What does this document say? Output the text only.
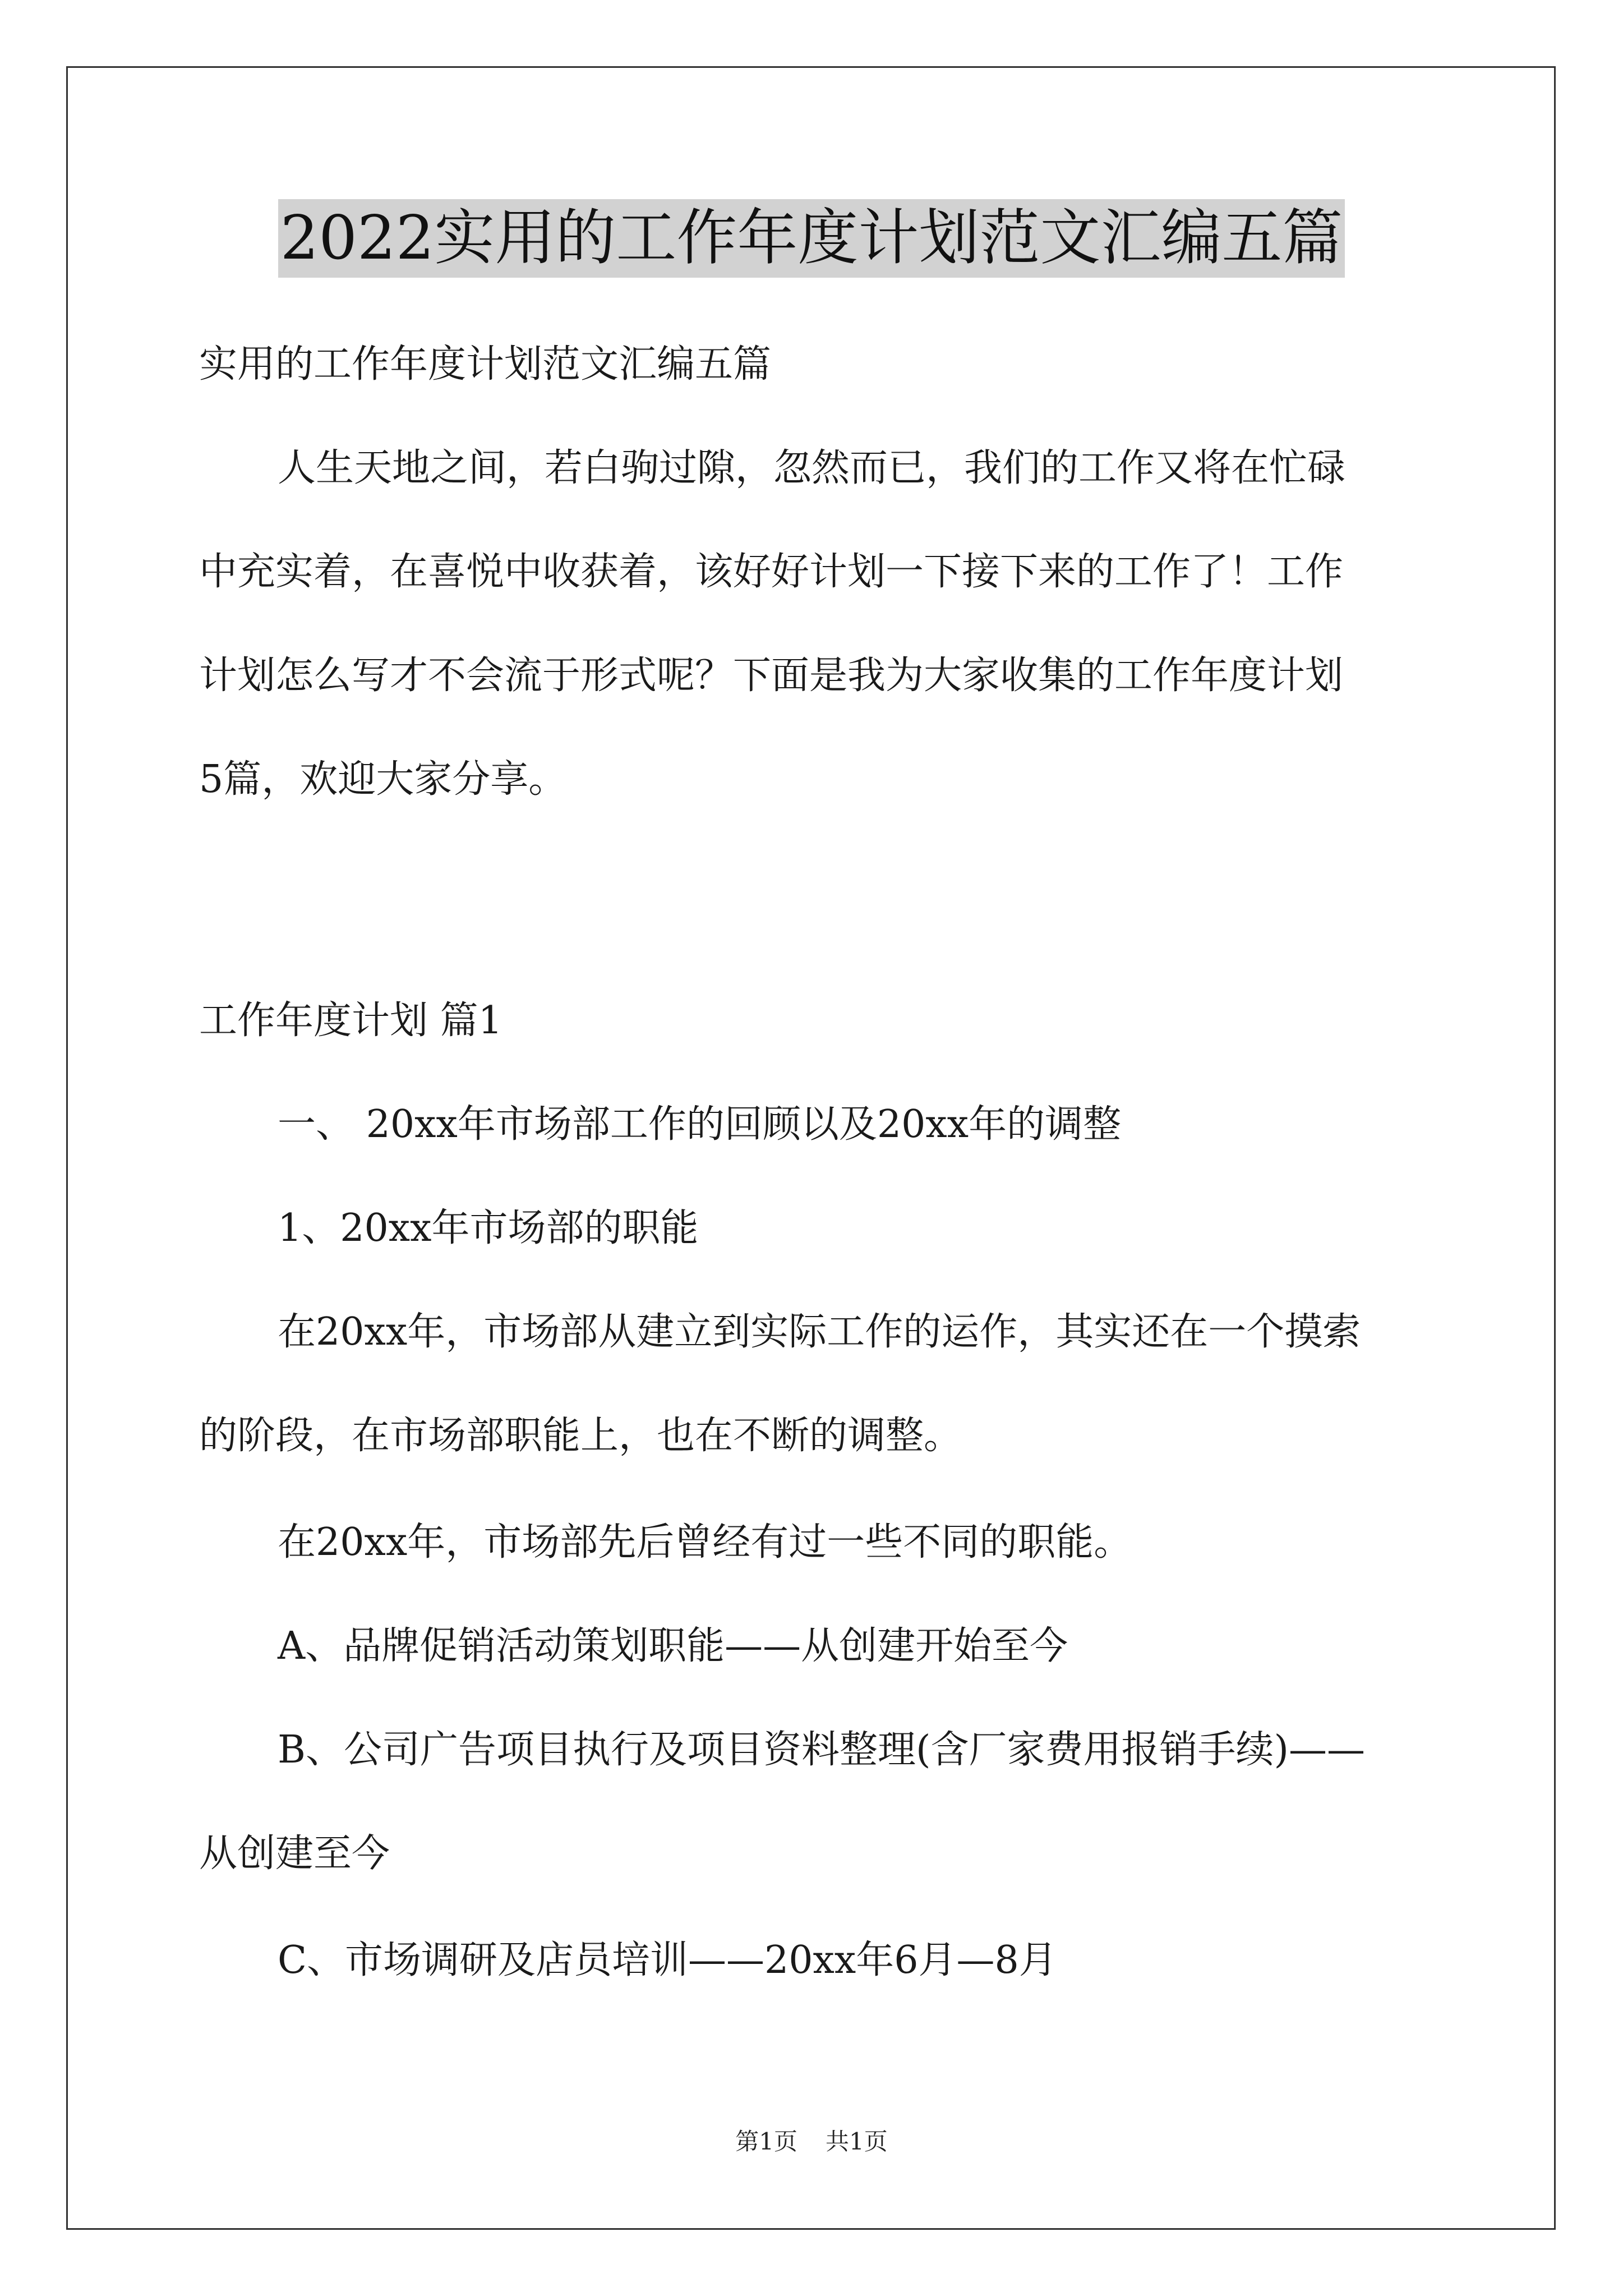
2022实用的工作年度计划范文汇编五篇
实用的工作年度计划范文汇编五篇
人生天地之间，若白驹过隙，忽然而已，我们的工作又将在忙碌
中充实着，在喜悦中收获着，该好好计划一下接下来的工作了！工作
计划怎么写才不会流于形式呢？下面是我为大家收集的工作年度计划
5篇，欢迎大家分享。
工作年度计划 篇1
一、 20xx年市场部工作的回顾以及20xx年的调整
1、20xx年市场部的职能
在20xx年，市场部从建立到实际工作的运作，其实还在一个摸索
的阶段，在市场部职能上，也在不断的调整。
在20xx年，市场部先后曾经有过一些不同的职能。
A、品牌促销活动策划职能——从创建开始至今
B、公司广告项目执行及项目资料整理(含厂家费用报销手续)——
从创建至今
C、市场调研及店员培训——20xx年6月—8月
第1页 共1页
